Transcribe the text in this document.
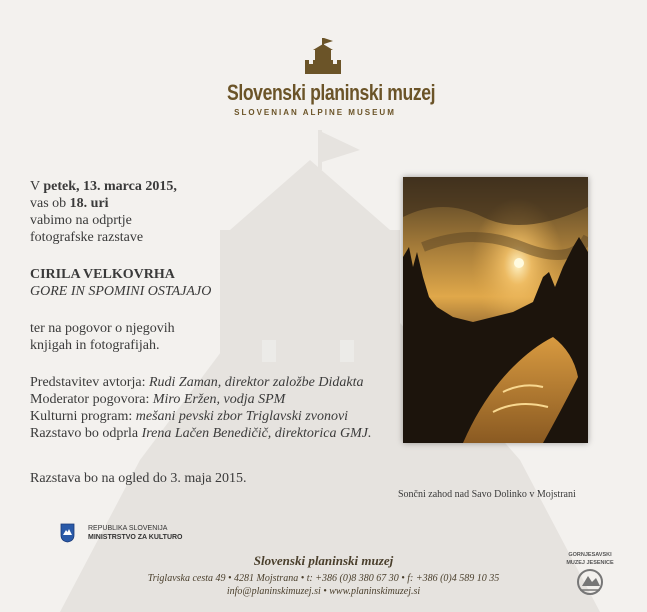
Slovenski planinski muzej
SLOVENIAN ALPINE MUSEUM
V petek, 13. marca 2015,
vas ob 18. uri
vabimo na odprtje
fotografske razstave
CIRILA VELKOVRHA
GORE IN SPOMINI OSTAJAJO
ter na pogovor o njegovih
knjigah in fotografijah.
Predstavitev avtorja: Rudi Zaman, direktor založbe Didakta
Moderator pogovora: Miro Eržen, vodja SPM
Kulturni program: mešani pevski zbor Triglavski zvonovi
Razstavo bo odprla Irena Lačen Benedičič, direktorica GMJ.
Razstava bo na ogled do 3. maja 2015.
Sončni zahod nad Savo Dolinko v Mojstrani
REPUBLIKA SLOVENIJA
MINISTRSTVO ZA KULTURO
Slovenski planinski muzej
Triglavska cesta 49 • 4281 Mojstrana • t: +386 (0)8 380 67 30 • f: +386 (0)4 589 10 35
info@planinskimuzej.si • www.planinskimuzej.si
GORNJESAVSKI
MUZEJ JESENICE
